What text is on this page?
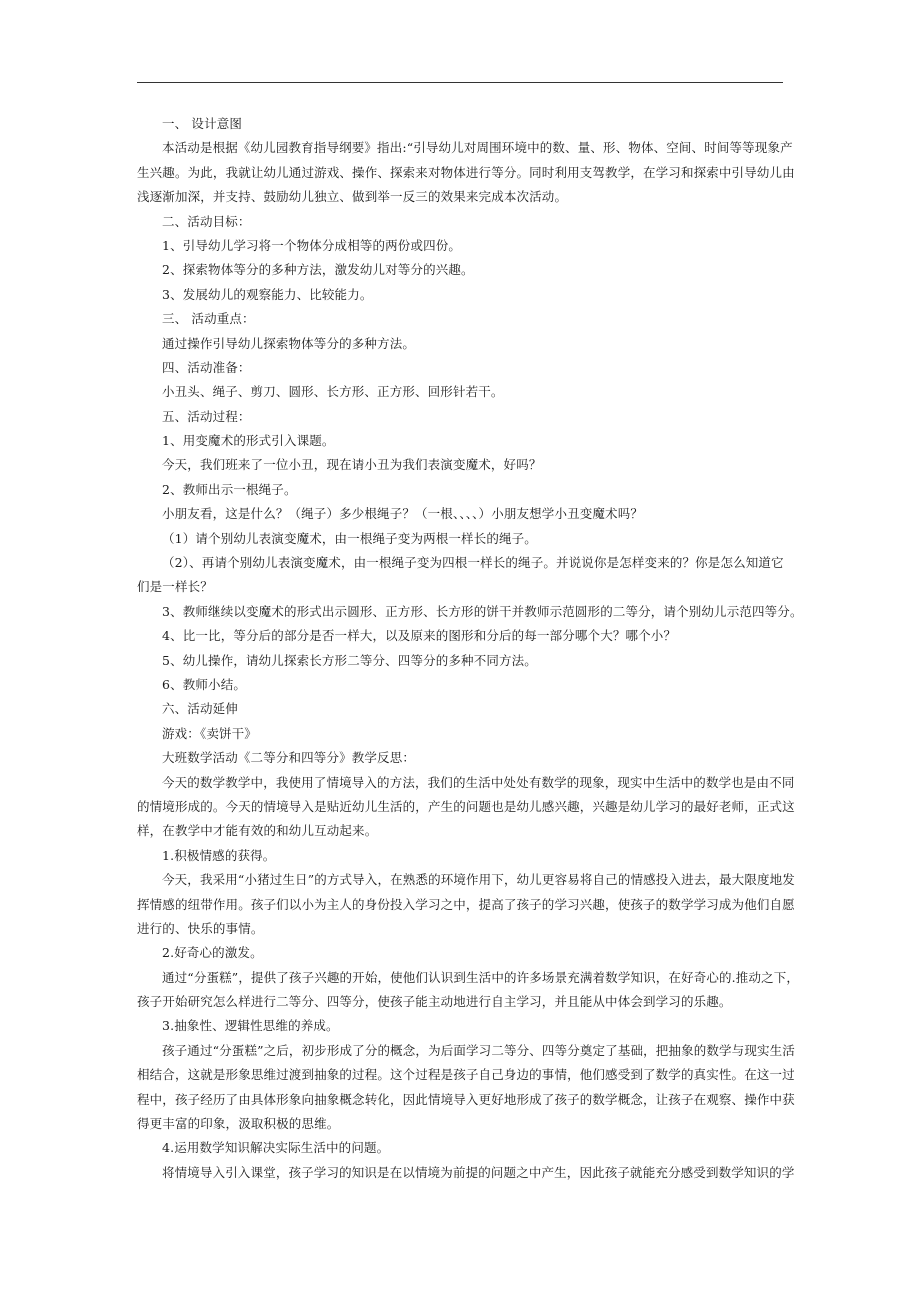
一、 设计意图
本活动是根据《幼儿园教育指导纲要》指出:“引导幼儿对周围环境中的数、量、形、物体、空间、时间等等现象产
生兴趣。为此，我就让幼儿通过游戏、操作、探索来对物体进行等分。同时利用支驾教学，在学习和探索中引导幼儿由
浅逐渐加深，并支持、鼓励幼儿独立、做到举一反三的效果来完成本次活动。
二、活动目标：
1、引导幼儿学习将一个物体分成相等的两份或四份。
2、探索物体等分的多种方法，激发幼儿对等分的兴趣。
3、发展幼儿的观察能力、比较能力。
三、 活动重点：
通过操作引导幼儿探索物体等分的多种方法。
四、活动准备：
小丑头、绳子、剪刀、圆形、长方形、正方形、回形针若干。
五、活动过程：
1、用变魔术的形式引入课题。
今天，我们班来了一位小丑，现在请小丑为我们表演变魔术，好吗？
2、教师出示一根绳子。
小朋友看，这是什么？（绳子）多少根绳子？（一根、、、、）小朋友想学小丑变魔术吗？
（1）请个别幼儿表演变魔术，由一根绳子变为两根一样长的绳子。
（2）、再请个别幼儿表演变魔术，由一根绳子变为四根一样长的绳子。并说说你是怎样变来的？你是怎么知道它
们是一样长？
3、教师继续以变魔术的形式出示圆形、正方形、长方形的饼干并教师示范圆形的二等分，请个别幼儿示范四等分。
4、比一比，等分后的部分是否一样大，以及原来的图形和分后的每一部分哪个大？哪个小？
5、幼儿操作，请幼儿探索长方形二等分、四等分的多种不同方法。
6、教师小结。
六、活动延伸
游戏：《卖饼干》
大班数学活动《二等分和四等分》教学反思：
今天的数学教学中，我使用了情境导入的方法，我们的生活中处处有数学的现象，现实中生活中的数学也是由不同
的情境形成的。今天的情境导入是贴近幼儿生活的，产生的问题也是幼儿感兴趣，兴趣是幼儿学习的最好老师，正式这
样，在教学中才能有效的和幼儿互动起来。
1.积极情感的获得。
今天，我采用“小猪过生日”的方式导入，在熟悉的环境作用下，幼儿更容易将自己的情感投入进去，最大限度地发
挥情感的纽带作用。孩子们以小为主人的身份投入学习之中，提高了孩子的学习兴趣，使孩子的数学学习成为他们自愿
进行的、快乐的事情。
2.好奇心的激发。
通过“分蛋糕”，提供了孩子兴趣的开始，使他们认识到生活中的许多场景充满着数学知识，在好奇心的.推动之下，
孩子开始研究怎么样进行二等分、四等分，使孩子能主动地进行自主学习，并且能从中体会到学习的乐趣。
3.抽象性、逻辑性思维的养成。
孩子通过“分蛋糕”之后，初步形成了分的概念，为后面学习二等分、四等分奠定了基础，把抽象的数学与现实生活
相结合，这就是形象思维过渡到抽象的过程。这个过程是孩子自己身边的事情，他们感受到了数学的真实性。在这一过
程中，孩子经历了由具体形象向抽象概念转化，因此情境导入更好地形成了孩子的数学概念，让孩子在观察、操作中获
得更丰富的印象，汲取积极的思维。
4.运用数学知识解决实际生活中的问题。
将情境导入引入课堂，孩子学习的知识是在以情境为前提的问题之中产生，因此孩子就能充分感受到数学知识的学
